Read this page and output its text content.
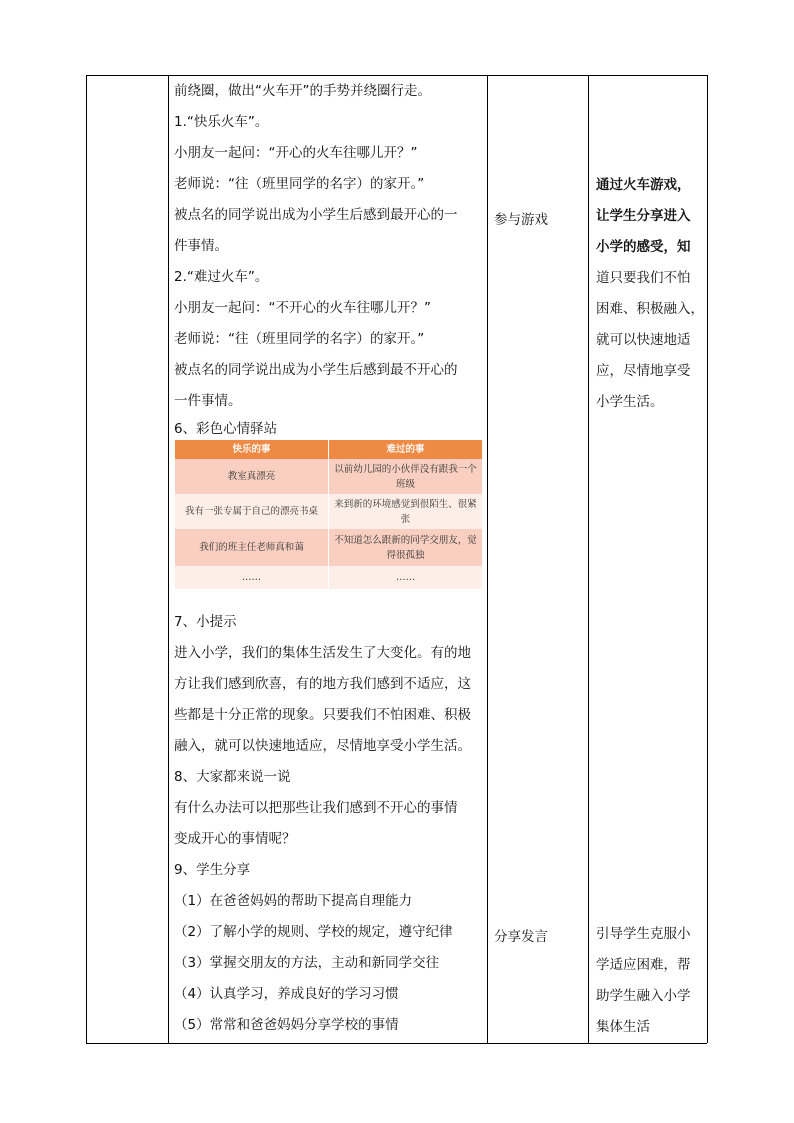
前绕圈，做出“火车开”的手势并绕圈行走。
1.“快乐火车”。
小朋友一起问：“开心的火车往哪儿开？”
老师说：“往（班里同学的名字）的家开。”
被点名的同学说出成为小学生后感到最开心的一
件事情。
2.“难过火车”。
小朋友一起问：“不开心的火车往哪儿开？”
老师说：“往（班里同学的名字）的家开。”
被点名的同学说出成为小学生后感到最不开心的
一件事情。
6、彩色心情驿站
快乐的事	难过的事
教室真漂亮
以前幼儿园的小伙伴没有跟我一个班级
我有一张专属于自己的漂亮书桌
来到新的环境感觉到很陌生、很紧张
我们的班主任老师真和蔼
不知道怎么跟新的同学交朋友，觉得很孤独
……	……
7、小提示
进入小学，我们的集体生活发生了大变化。有的地
方让我们感到欣喜，有的地方我们感到不适应，这
些都是十分正常的现象。只要我们不怕困难、积极
融入，就可以快速地适应，尽情地享受小学生活。
8、大家都来说一说
有什么办法可以把那些让我们感到不开心的事情
变成开心的事情呢？
9、学生分享
（1）在爸爸妈妈的帮助下提高自理能力
（2）了解小学的规则、学校的规定，遵守纪律
（3）掌握交朋友的方法，主动和新同学交往
（4）认真学习，养成良好的学习习惯
（5）常常和爸爸妈妈分享学校的事情
参与游戏
分享发言
通过火车游戏，
让学生分享进入
小学的感受，知
道只要我们不怕
困难、积极融入，
就可以快速地适
应，尽情地享受
小学生活。
引导学生克服小
学适应困难，帮
助学生融入小学
集体生活
